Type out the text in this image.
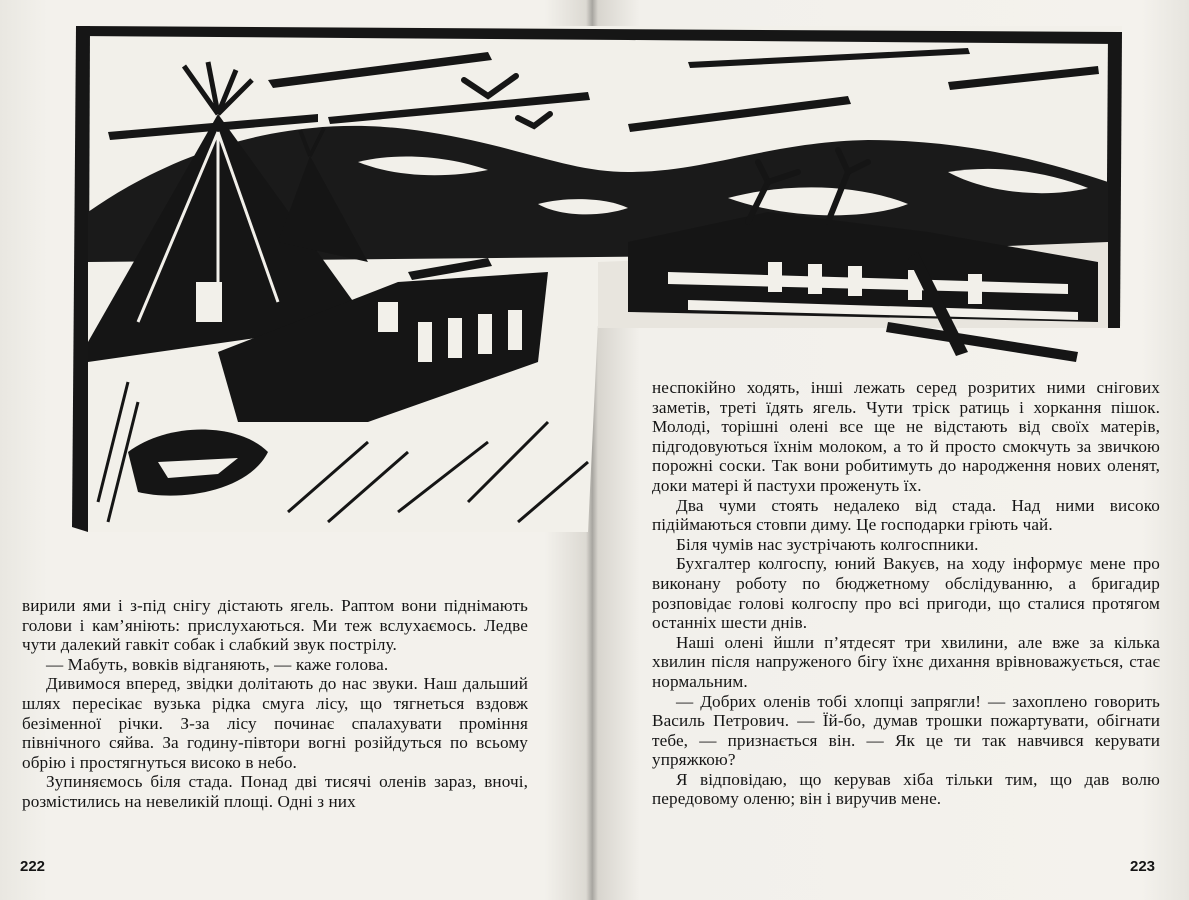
вирили ями і з-під снігу дістають ягель. Раптом вони піднімають голови і кам’яніють: прислухаються. Ми теж вслухаємось. Ледве чути далекий гавкіт собак і слабкий звук пострілу.

— Мабуть, вовків відганяють, — каже голова.

Дивимося вперед, звідки долітають до нас звуки. Наш дальший шлях пересікає вузька рідка смуга лісу, що тягнеться вздовж безіменної річки. З-за лісу починає спалахувати проміння північного сяйва. За годину-півтори вогні розійдуться по всьому обрію і простягнуться високо в небо.

Зупиняємось біля стада. Понад дві тисячі оленів зараз, вночі, розмістились на невеликій площі. Одні з них

неспокійно ходять, інші лежать серед розритих ними снігових заметів, треті їдять ягель. Чути тріск ратиць і хоркання пішок. Молоді, торішні олені все ще не відстають від своїх матерів, підгодовуються їхнім молоком, а то й просто смокчуть за звичкою порожні соски. Так вони робитимуть до народження нових оленят, доки матері й пастухи проженуть їх.

Два чуми стоять недалеко від стада. Над ними високо підіймаються стовпи диму. Це господарки гріють чай.

Біля чумів нас зустрічають колгоспники.

Бухгалтер колгоспу, юний Вакуєв, на ходу інформує мене про виконану роботу по бюджетному обслідуванню, а бригадир розповідає голові колгоспу про всі пригоди, що сталися протягом останніх шести днів.

Наші олені йшли п’ятдесят три хвилини, але вже за кілька хвилин після напруженого бігу їхнє дихання врівноважується, стає нормальним.

— Добрих оленів тобі хлопці запрягли! — захоплено говорить Василь Петрович. — Їй-бо, думав трошки пожартувати, обігнати тебе, — признається він. — Як це ти так навчився керувати упряжкою?

Я відповідаю, що керував хіба тільки тим, що дав волю передовому оленю; він і виручив мене.

222	223
